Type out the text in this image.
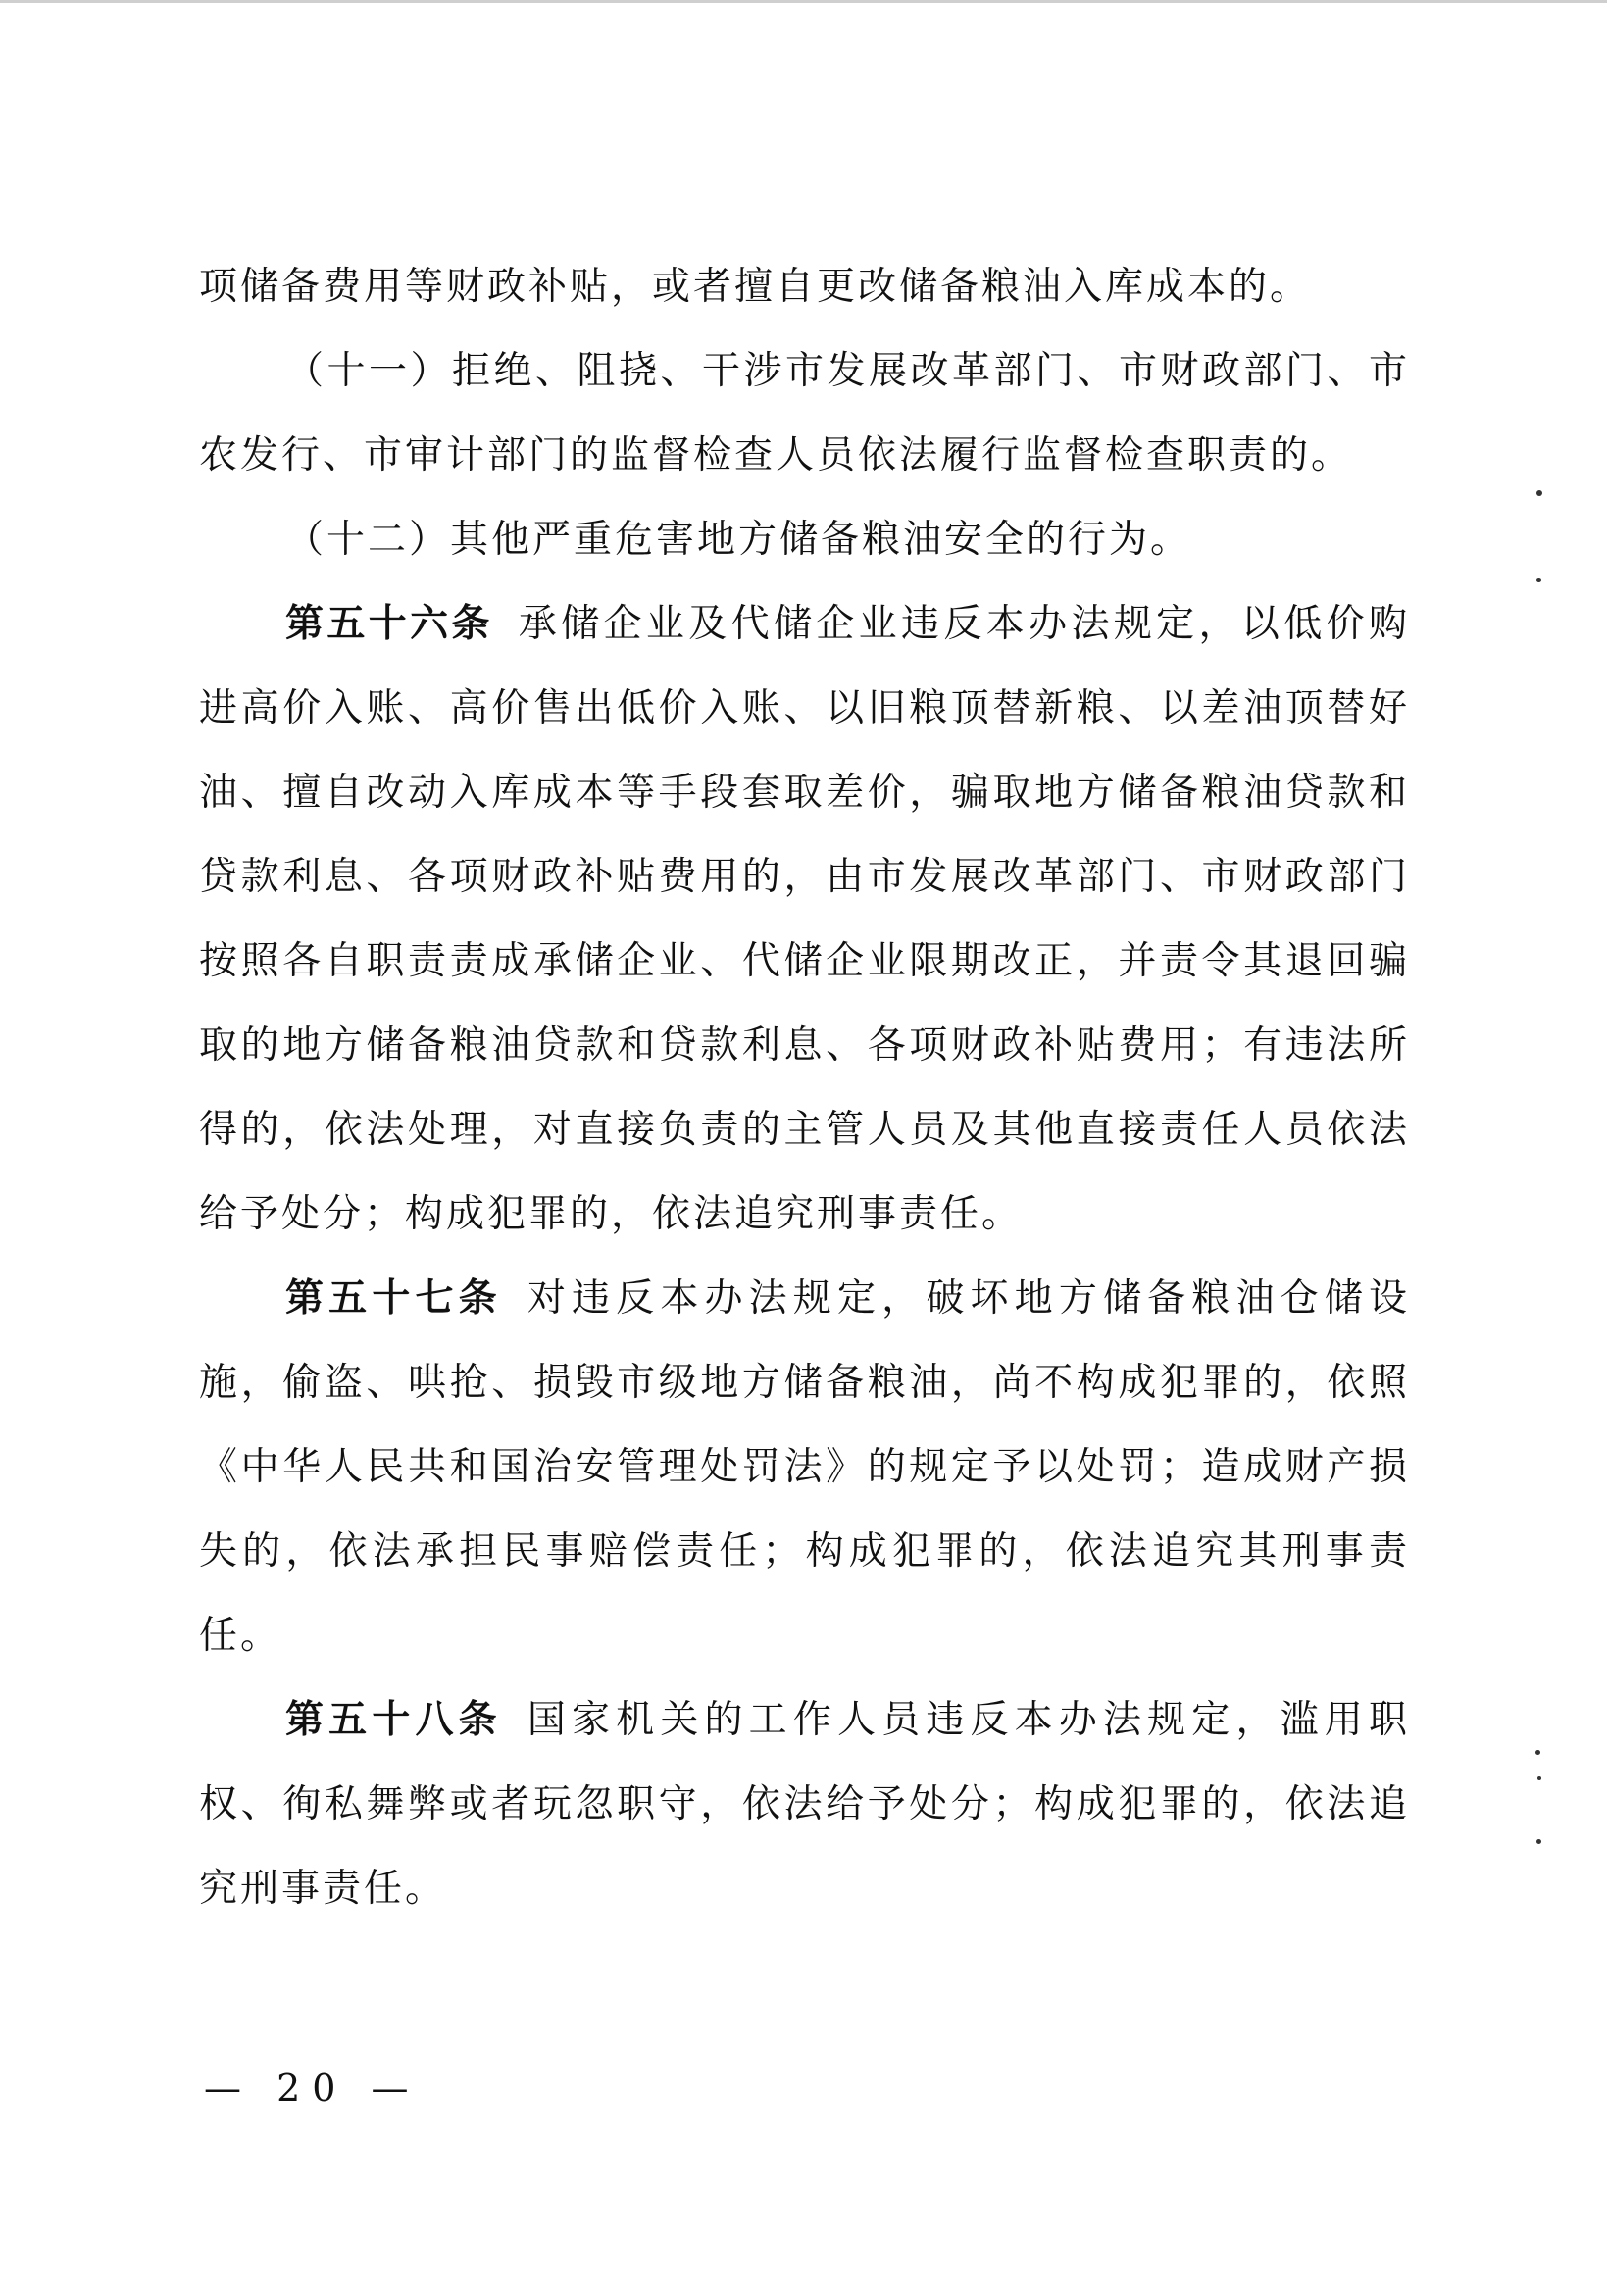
项储备费用等财政补贴，或者擅自更改储备粮油入库成本的。

（十一）拒绝、阻挠、干涉市发展改革部门、市财政部门、市农发行、市审计部门的监督检查人员依法履行监督检查职责的。

（十二）其他严重危害地方储备粮油安全的行为。

第五十六条 承储企业及代储企业违反本办法规定，以低价购进高价入账、高价售出低价入账、以旧粮顶替新粮、以差油顶替好油、擅自改动入库成本等手段套取差价，骗取地方储备粮油贷款和贷款利息、各项财政补贴费用的，由市发展改革部门、市财政部门按照各自职责责成承储企业、代储企业限期改正，并责令其退回骗取的地方储备粮油贷款和贷款利息、各项财政补贴费用；有违法所得的，依法处理，对直接负责的主管人员及其他直接责任人员依法给予处分；构成犯罪的，依法追究刑事责任。

第五十七条 对违反本办法规定，破坏地方储备粮油仓储设施，偷盗、哄抢、损毁市级地方储备粮油，尚不构成犯罪的，依照《中华人民共和国治安管理处罚法》的规定予以处罚；造成财产损失的，依法承担民事赔偿责任；构成犯罪的，依法追究其刑事责任。

第五十八条 国家机关的工作人员违反本办法规定，滥用职权、徇私舞弊或者玩忽职守，依法给予处分；构成犯罪的，依法追究刑事责任。

— 20 —
